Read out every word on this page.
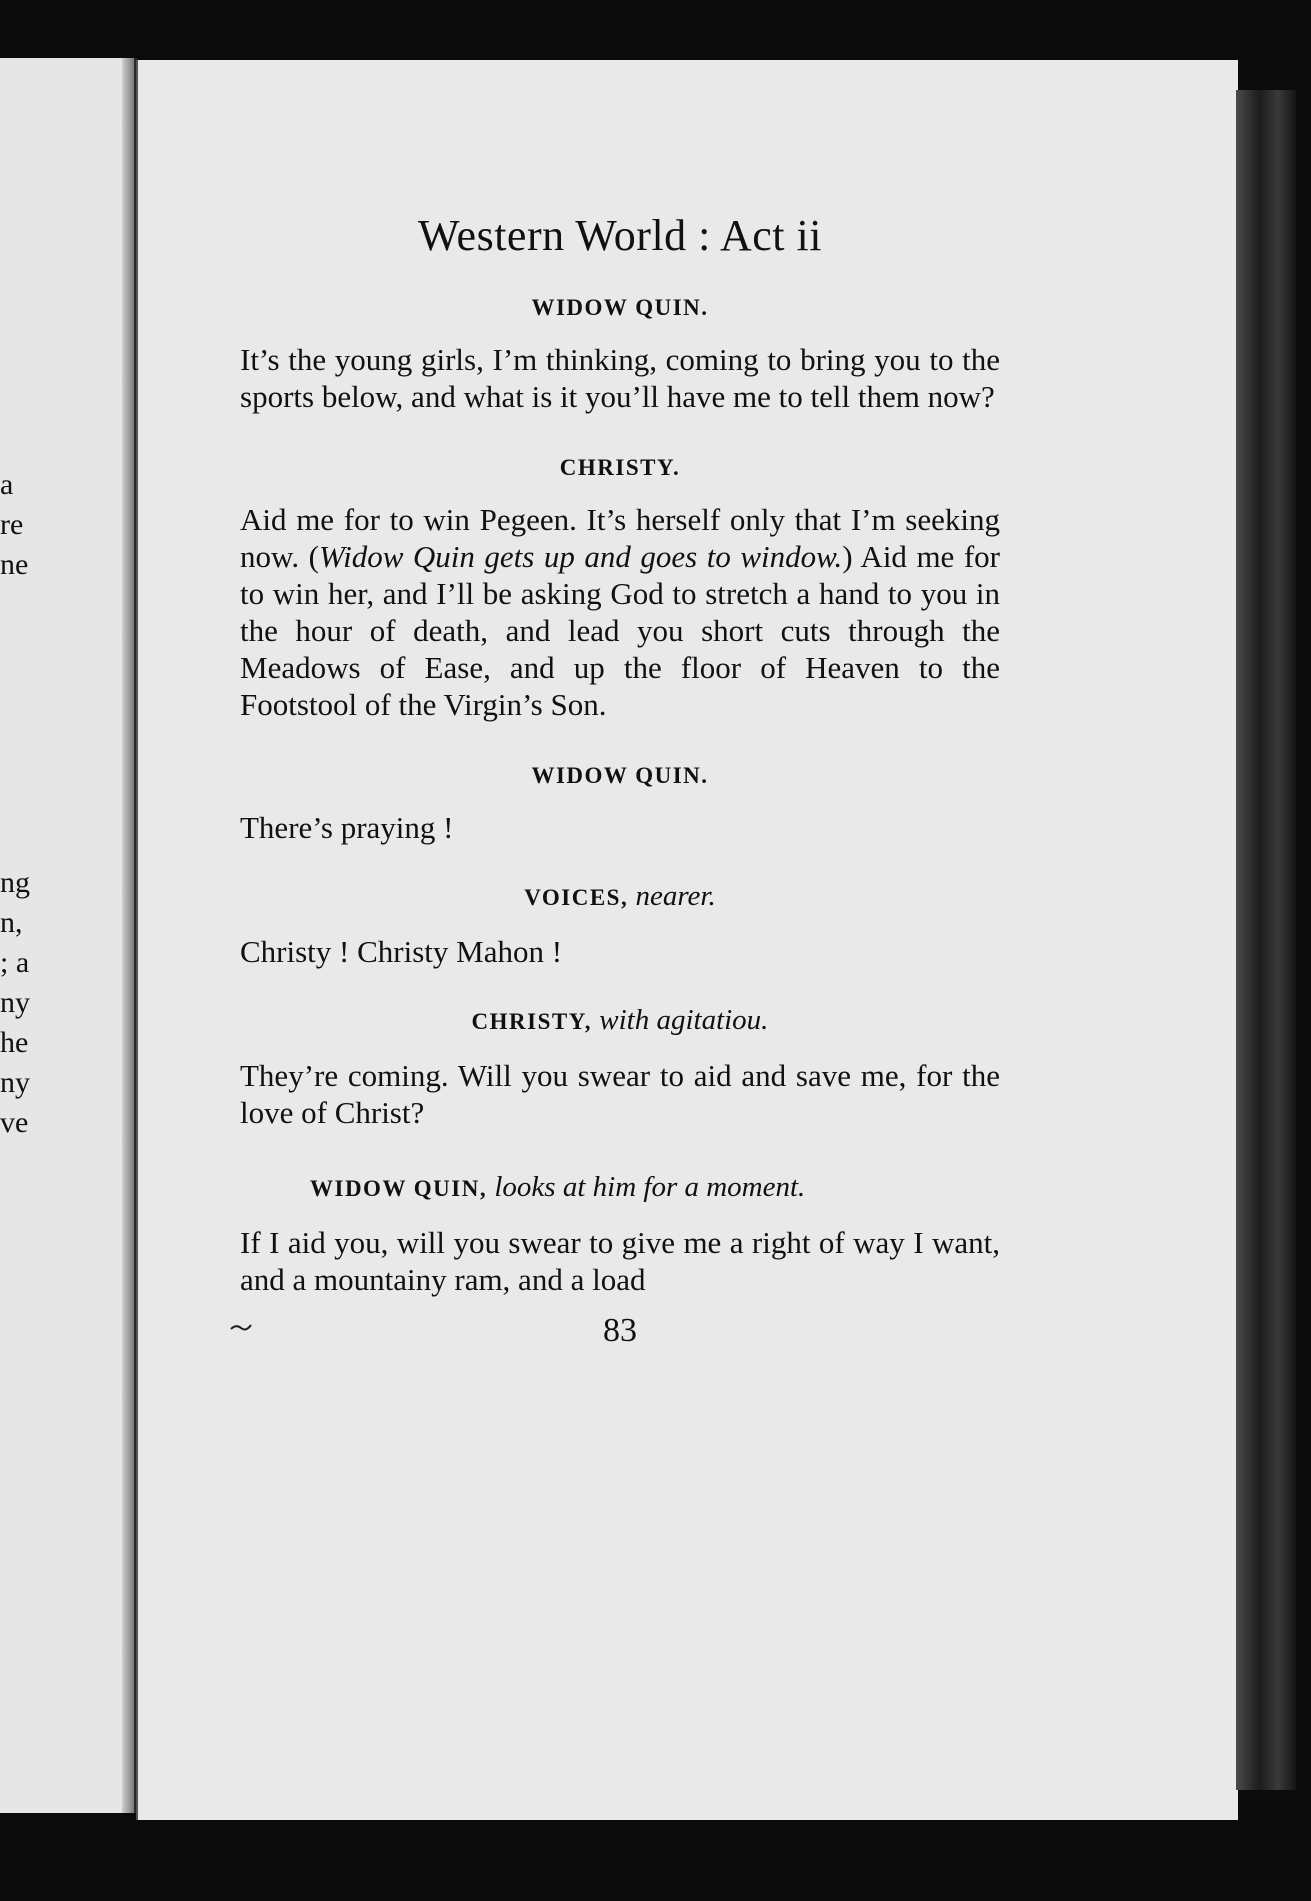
a
re
ne
ng
n,
; a
ny
he
ny
ve
Western World : Act ii
WIDOW QUIN.

It’s the young girls, I’m thinking, coming to bring you to the sports below, and what is it you’ll have me to tell them now?

CHRISTY.

Aid me for to win Pegeen. It’s herself only that I’m seeking now. (Widow Quin gets up and goes to window.) Aid me for to win her, and I’ll be asking God to stretch a hand to you in the hour of death, and lead you short cuts through the Meadows of Ease, and up the floor of Heaven to the Footstool of the Virgin’s Son.

WIDOW QUIN.

There’s praying !

VOICES, nearer.

Christy ! Christy Mahon !

CHRISTY, with agitatiou.

They’re coming. Will you swear to aid and save me, for the love of Christ?

WIDOW QUIN, looks at him for a moment.

If I aid you, will you swear to give me a right of way I want, and a mountainy ram, and a load

83
